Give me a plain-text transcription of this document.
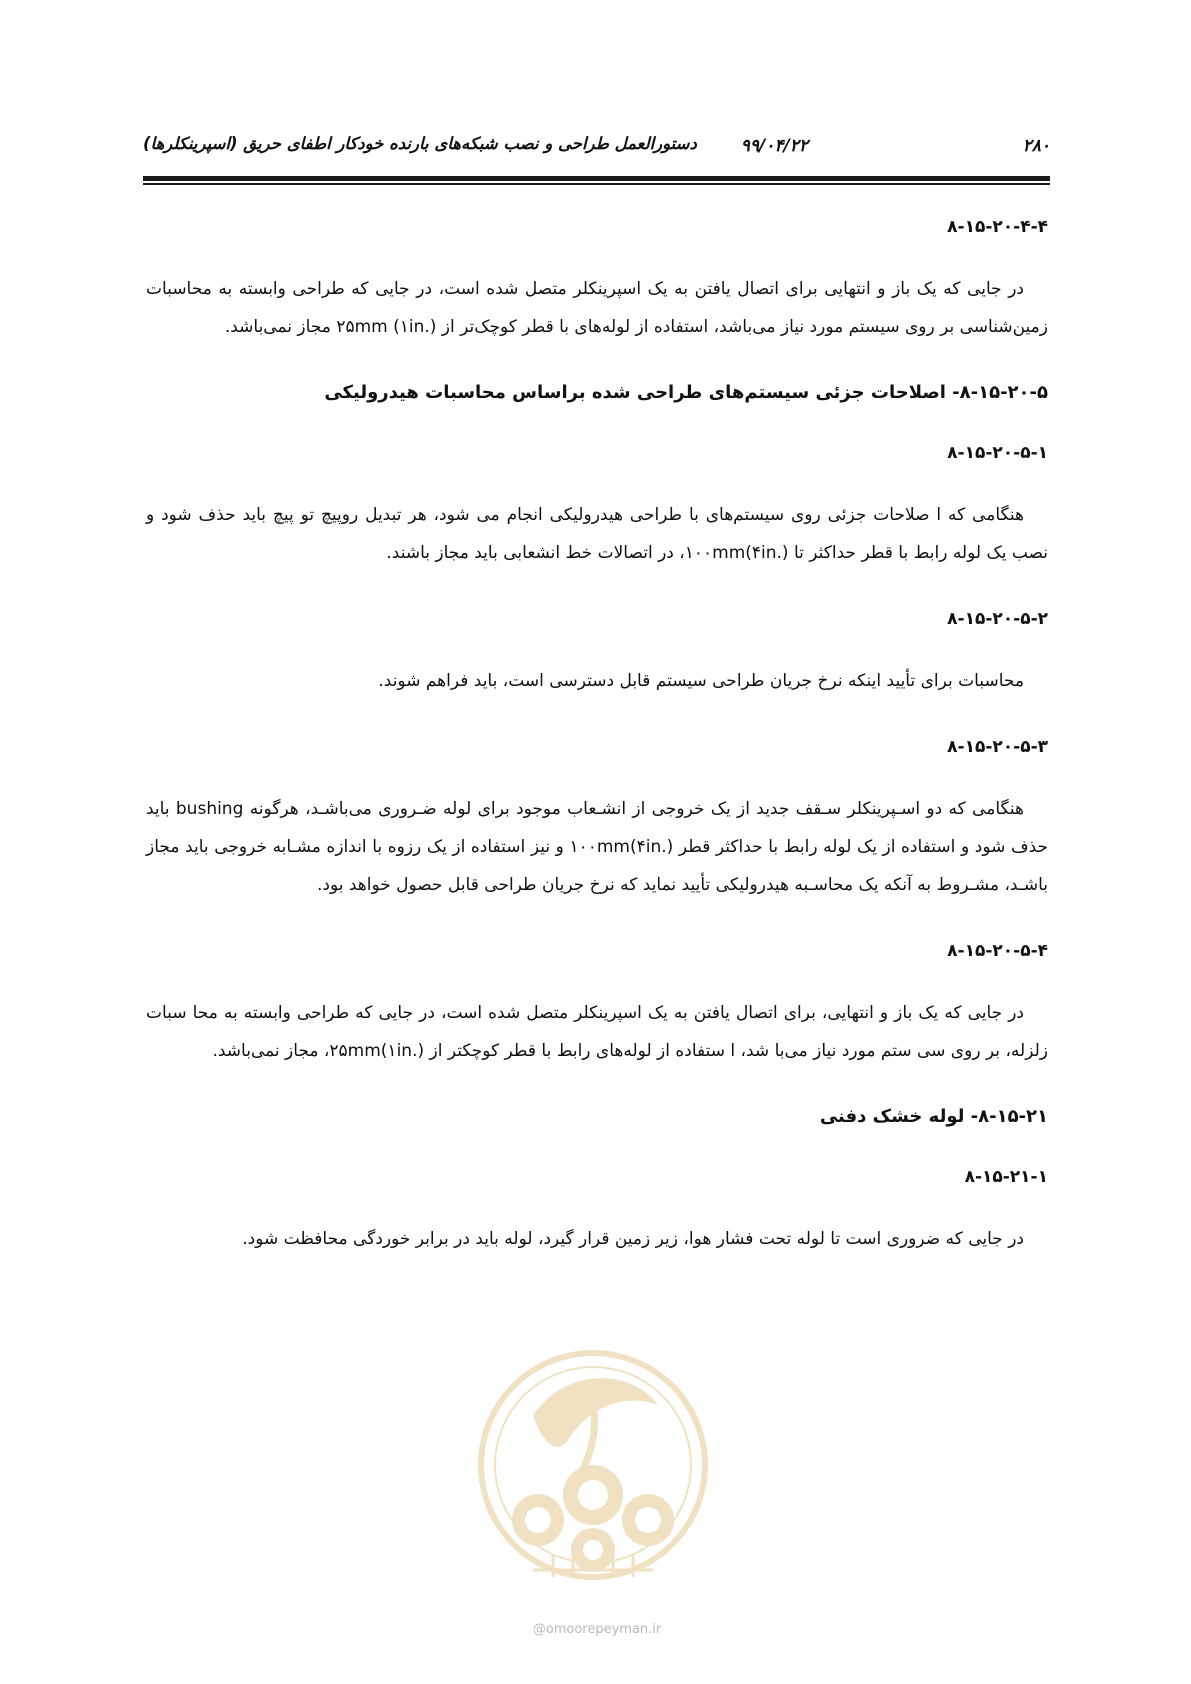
۲۸۰
۹۹/۰۴/۲۲
دستورالعمل طراحی و نصب شبکه‌های بارنده خودکار اطفای حریق (اسپرینکلرها)
۸-۱۵-۲۰-۴-۴

در جایی که یک باز و انتهایی برای اتصال یافتن به یک اسپرینکلر متصل شده است، در جایی که طراحی وابسته به محاسبات زمین‌شناسی بر روی سیستم مورد نیاز می‌باشد، استفاده از لوله‌های با قطر کوچک‌تر از ۲۵mm (۱in.) مجاز نمی‌باشد.

۸-۱۵-۲۰-۵- اصلاحات جزئی سیستم‌های طراحی شده براساس محاسبات هیدرولیکی
۸-۱۵-۲۰-۵-۱

هنگامی که ا صلاحات جزئی روی سیستم‌های با طراحی هیدرولیکی انجام می شود، هر تبدیل روپیچ تو پیچ باید حذف شود و نصب یک لوله رابط با قطر حداکثر تا ۱۰۰mm(۴in.)، در اتصالات خط انشعابی باید مجاز باشند.

۸-۱۵-۲۰-۵-۲

محاسبات برای تأیید اینکه نرخ جریان طراحی سیستم قابل دسترسی است، باید فراهم شوند.

۸-۱۵-۲۰-۵-۳

هنگامی که دو اسـپرینکلر سـقف جدید از یک خروجی از انشـعاب موجود برای لوله ضـروری می‌باشـد، هرگونه bushing باید حذف شود و استفاده از یک لوله رابط با حداکثر قطر ۱۰۰mm(۴in.) و نیز استفاده از یک رزوه با اندازه مشـابه خروجی باید مجاز باشـد، مشـروط به آنکه یک محاسـبه هیدرولیکی تأیید نماید که نرخ جریان طراحی قابل حصول خواهد بود.

۸-۱۵-۲۰-۵-۴

در جایی که یک باز و انتهایی، برای اتصال یافتن به یک اسپرینکلر متصل شده است، در جایی که طراحی وابسته به محا سبات زلزله، بر روی سی ستم مورد نیاز می‌با شد، ا ستفاده از لوله‌های رابط با قطر کوچکتر از ۲۵mm(۱in.)، مجاز نمی‌باشد.

۸-۱۵-۲۱- لوله خشک دفنی
۸-۱۵-۲۱-۱

در جایی که ضروری است تا لوله تحت فشار هوا، زیر زمین قرار گیرد، لوله باید در برابر خوردگی محافظت شود.

@omoorepeyman.ir
